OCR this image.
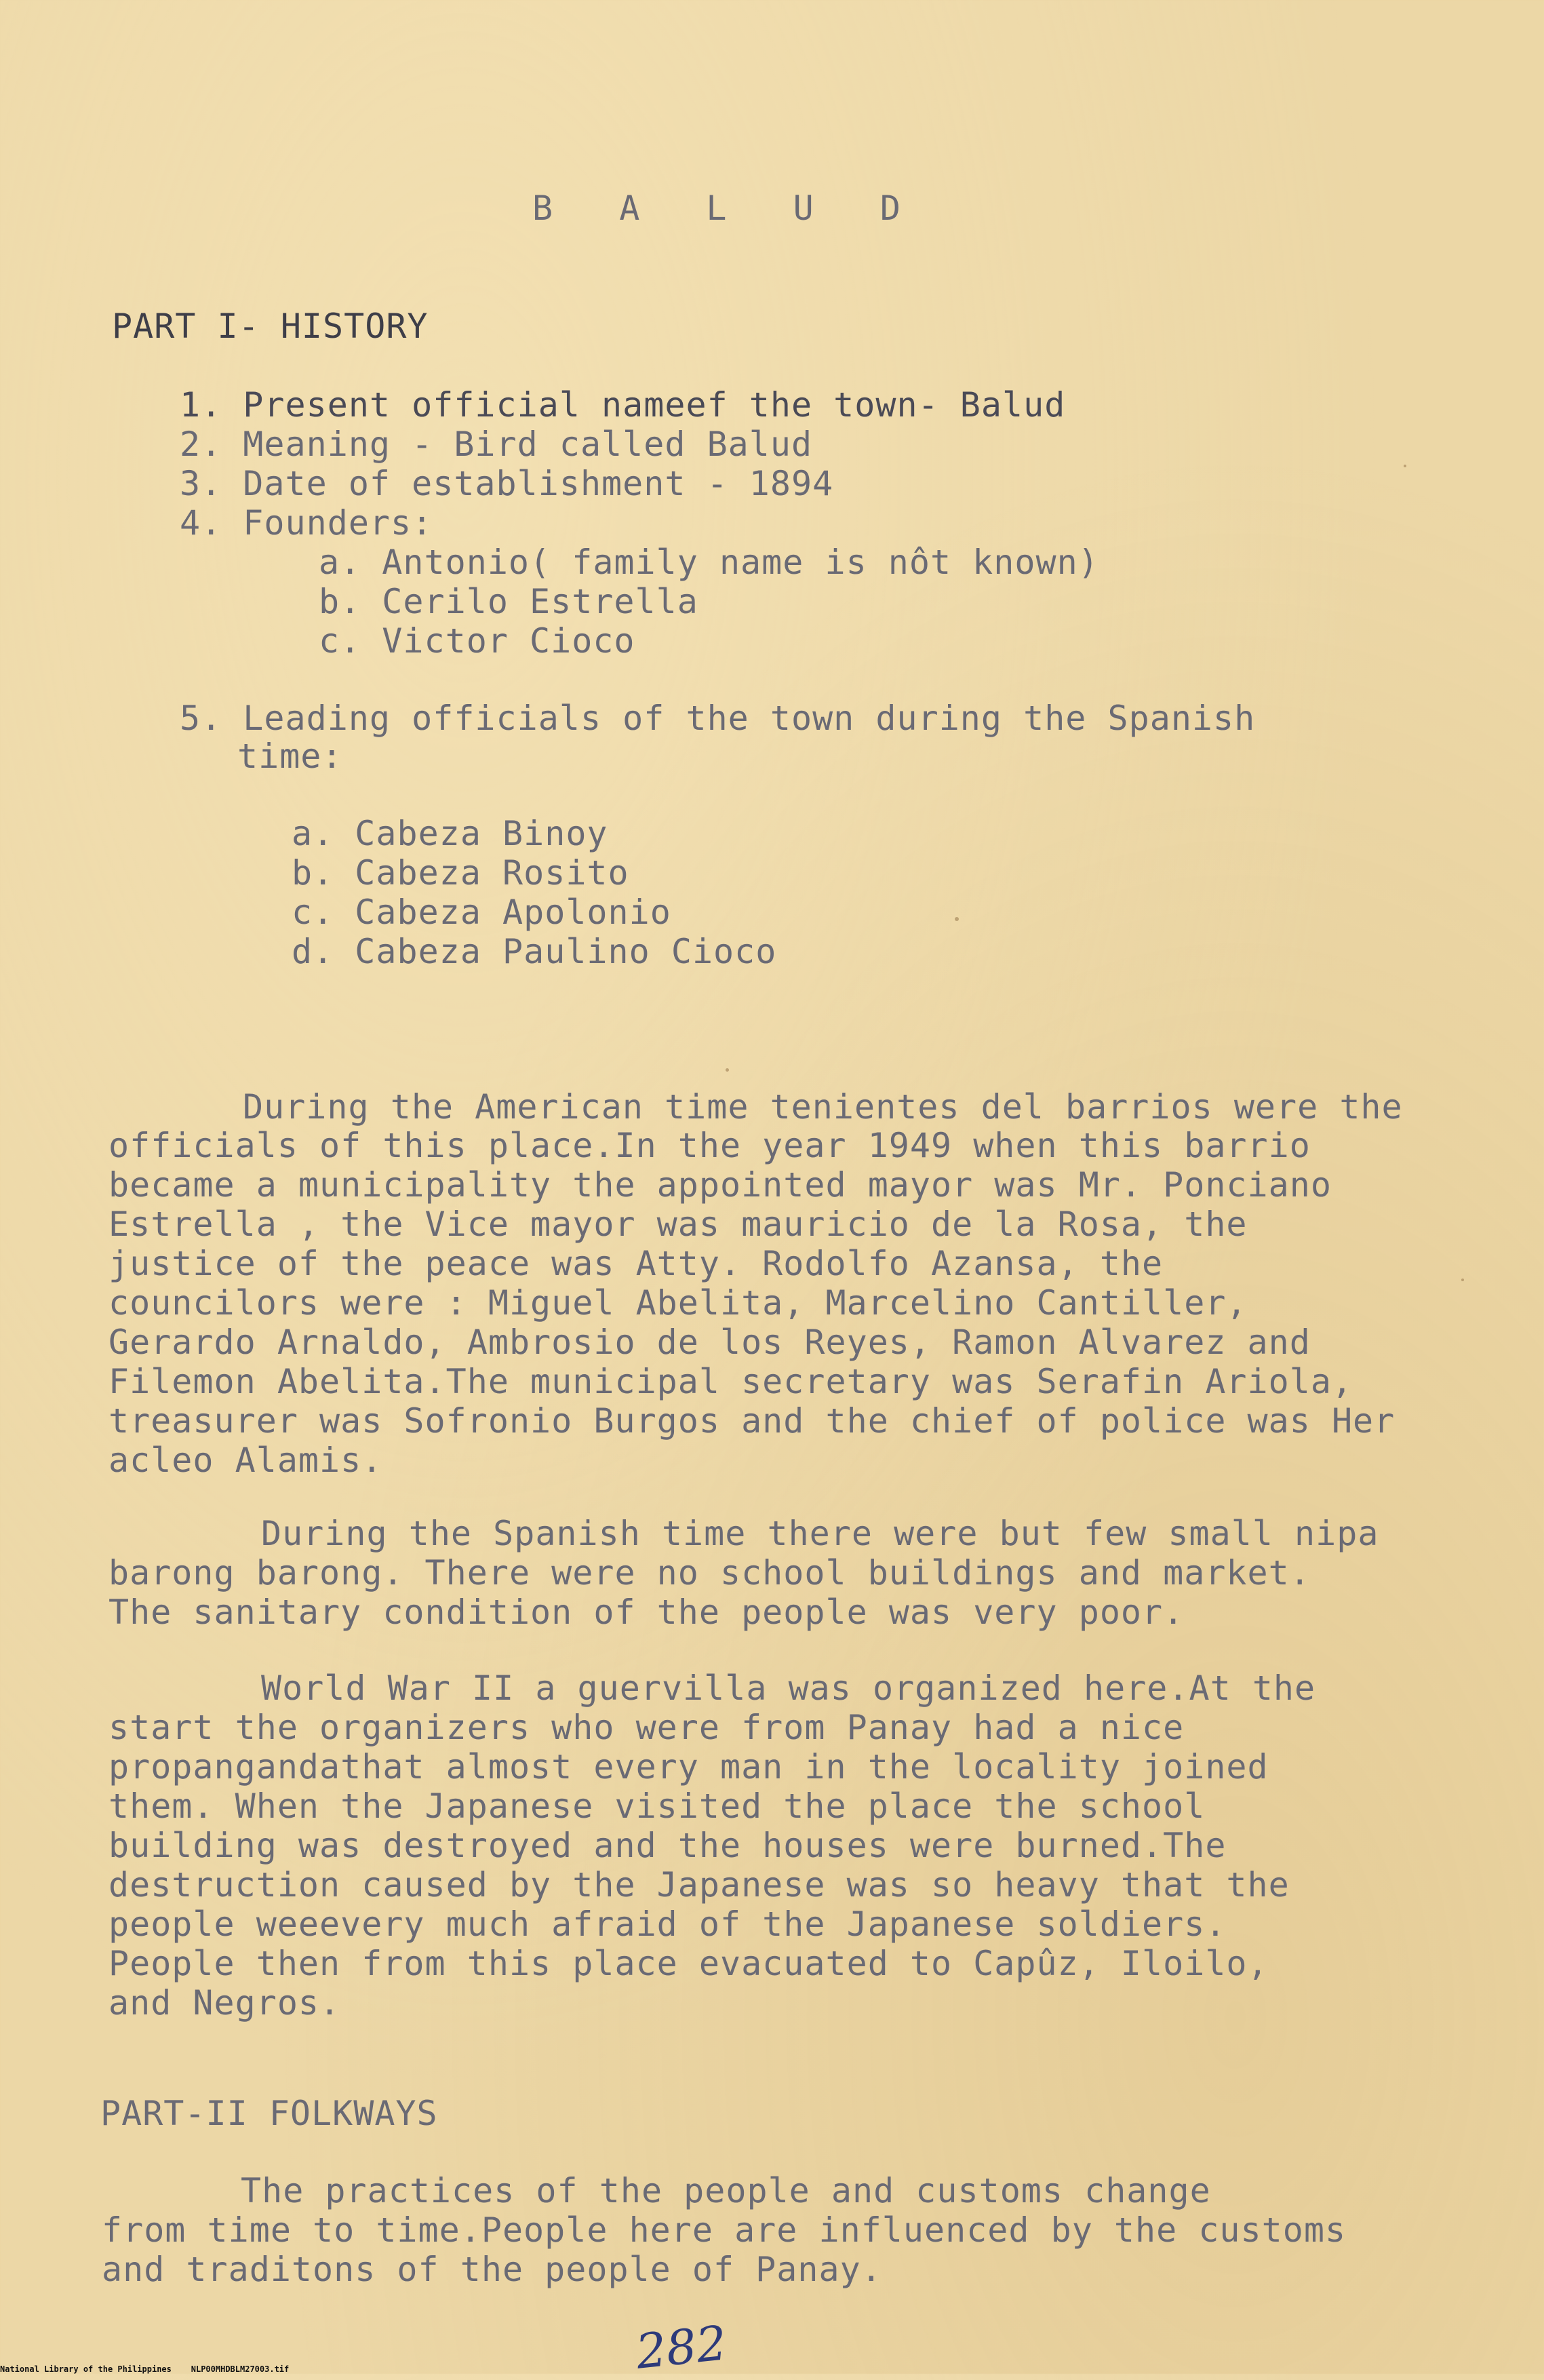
B A L U D
PART I- HISTORY
1. Present official nameef the town- Balud
2. Meaning - Bird called Balud
3. Date of establishment - 1894
4. Founders:
a. Antonio( family name is nôt known)
b. Cerilo Estrella
c. Victor Cioco
5. Leading officials of the town during the Spanish
time:
a. Cabeza Binoy
b. Cabeza Rosito
c. Cabeza Apolonio
d. Cabeza Paulino Cioco
During the American time tenientes del barrios were the
officials of this place.In the year 1949 when this barrio
became a municipality the appointed mayor was Mr. Ponciano
Estrella , the Vice mayor was mauricio de la Rosa, the
justice of the peace was Atty. Rodolfo Azansa, the
councilors were : Miguel Abelita, Marcelino Cantiller,
Gerardo Arnaldo, Ambrosio de los Reyes, Ramon Alvarez and
Filemon Abelita.The municipal secretary was Serafin Ariola,
treasurer was Sofronio Burgos and the chief of police was Her
acleo Alamis.
During the Spanish time there were but few small nipa
barong barong. There were no school buildings and market.
The sanitary condition of the people was very poor.
World War II a guervilla was organized here.At the
start the organizers who were from Panay had a nice
propangandathat almost every man in the locality joined
them. When the Japanese visited the place the school
building was destroyed and the houses were burned.The
destruction caused by the Japanese was so heavy that the
people weeevery much afraid of the Japanese soldiers.
People then from this place evacuated to Capûz, Iloilo,
and Negros.
PART-II FOLKWAYS
The practices of the people and customs change
from time to time.People here are influenced by the customs
and traditons of the people of Panay.
282
National Library of the Philippines    NLP00MHDBLM27003.tif
